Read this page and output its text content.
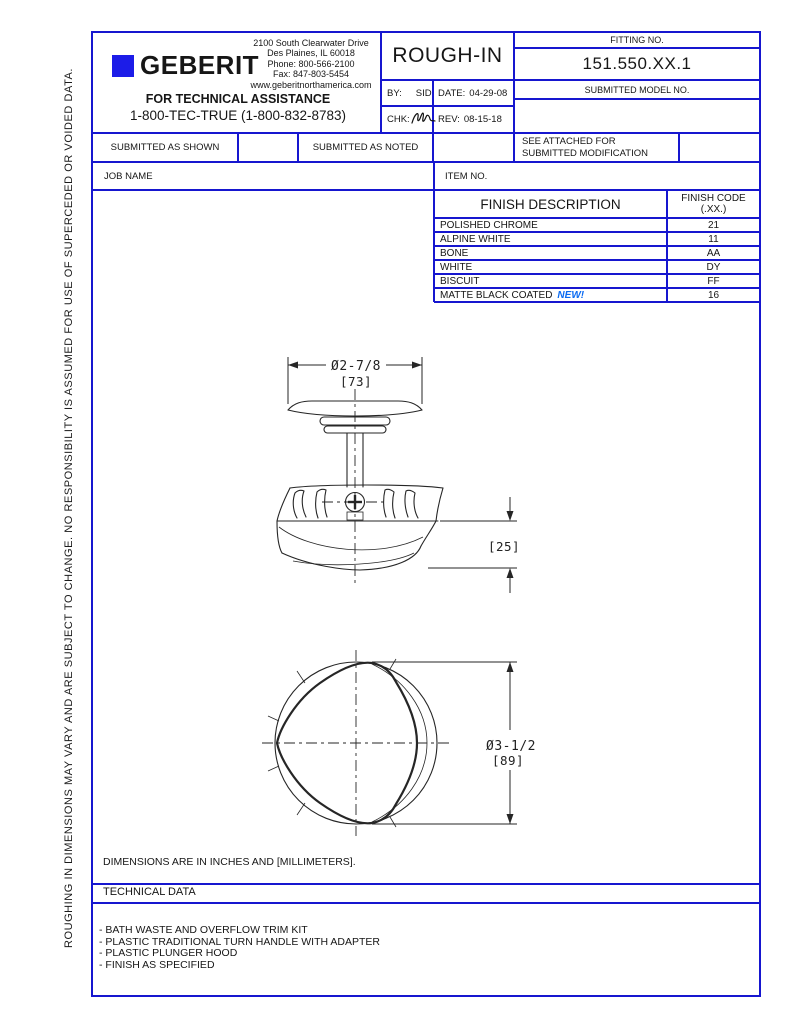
ROUGHING IN DIMENSIONS MAY VARY AND ARE SUBJECT TO CHANGE. NO RESPONSIBILITY IS ASSUMED FOR USE OF SUPERCEDED OR VOIDED DATA.
GEBERIT
2100 South Clearwater Drive
Des Plaines, IL 60018
Phone: 800-566-2100
Fax: 847-803-5454
www.geberitnorthamerica.com
FOR TECHNICAL ASSISTANCE
1-800-TEC-TRUE (1-800-832-8783)
ROUGH-IN
BY: SID DATE: 04-29-08
CHK:	REV: 08-15-18
FITTING NO.
151.550.XX.1
SUBMITTED MODEL NO.
SUBMITTED AS SHOWN	SUBMITTED AS NOTED
SEE ATTACHED FOR
SUBMITTED MODIFICATION
JOB NAME	ITEM NO.
FINISH DESCRIPTION	FINISH CODE
(.XX.)
POLISHED CHROME	21
ALPINE WHITE	11
BONE	AA
WHITE	DY
BISCUIT	FF
MATTE BLACK COATED NEW!	16
Ø2-7/8
[73]
[25]
Ø3-1/2
[89]
DIMENSIONS ARE IN INCHES AND [MILLIMETERS].
TECHNICAL DATA
- BATH WASTE AND OVERFLOW TRIM KIT
- PLASTIC TRADITIONAL TURN HANDLE WITH ADAPTER
- PLASTIC PLUNGER HOOD
- FINISH AS SPECIFIED
